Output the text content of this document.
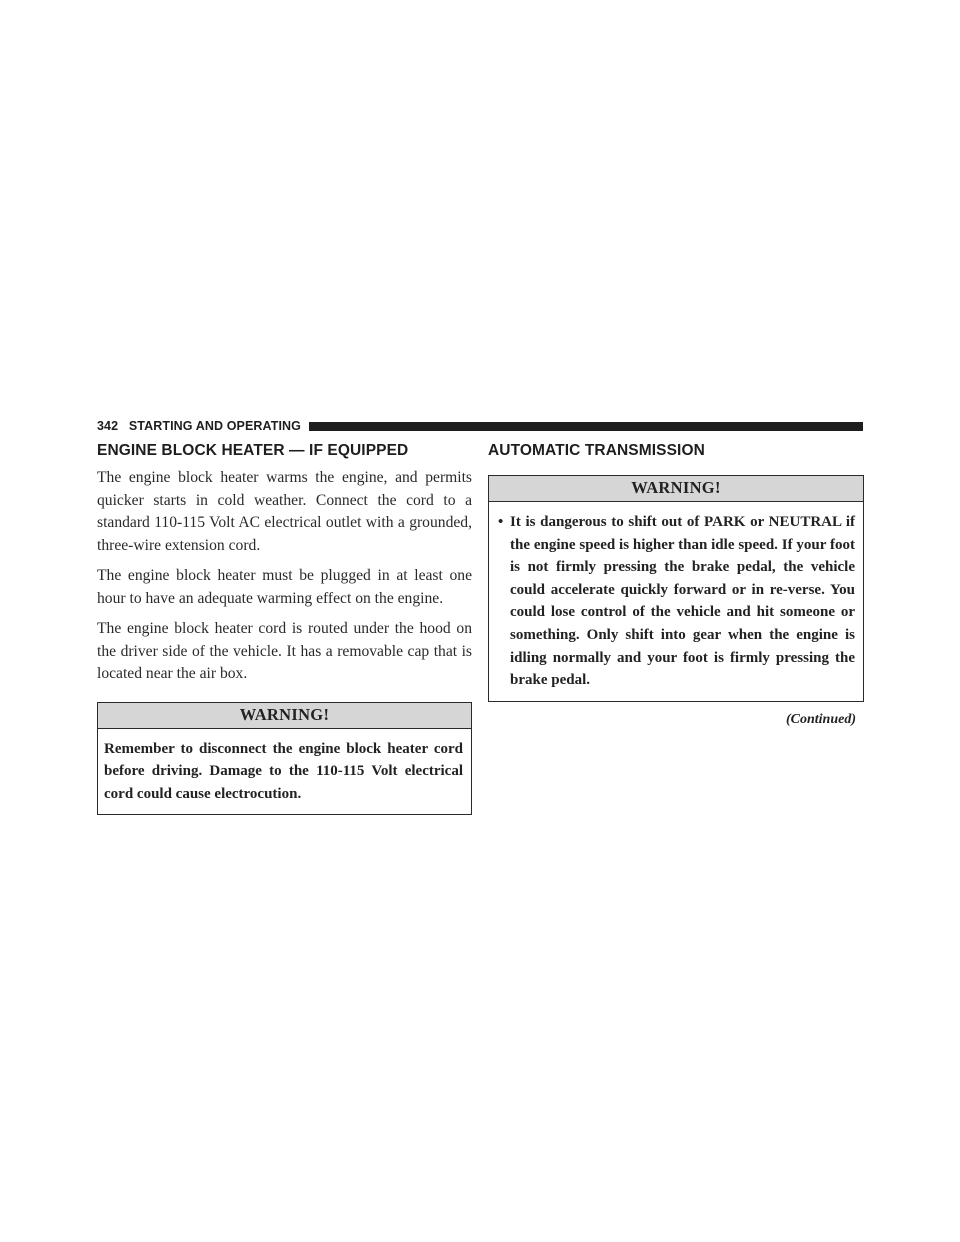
342 STARTING AND OPERATING
ENGINE BLOCK HEATER — IF EQUIPPED

The engine block heater warms the engine, and permits quicker starts in cold weather. Connect the cord to a standard 110-115 Volt AC electrical outlet with a grounded, three-wire extension cord.

The engine block heater must be plugged in at least one hour to have an adequate warming effect on the engine.

The engine block heater cord is routed under the hood on the driver side of the vehicle. It has a removable cap that is located near the air box.

WARNING!
Remember to disconnect the engine block heater cord before driving. Damage to the 110-115 Volt electrical cord could cause electrocution.
AUTOMATIC TRANSMISSION
WARNING!
• It is dangerous to shift out of PARK or NEUTRAL if the engine speed is higher than idle speed. If your foot is not firmly pressing the brake pedal, the vehicle could accelerate quickly forward or in re-verse. You could lose control of the vehicle and hit someone or something. Only shift into gear when the engine is idling normally and your foot is firmly pressing the brake pedal.
(Continued)
